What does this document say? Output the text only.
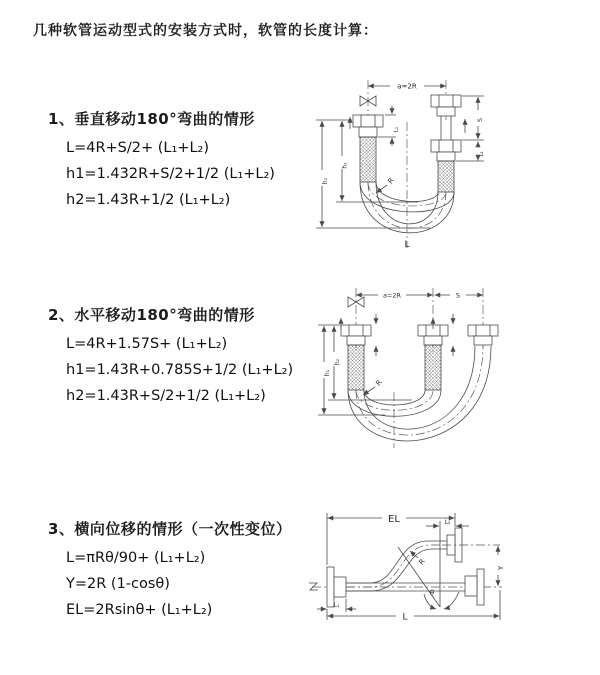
几种软管运动型式的安装方式时，软管的长度计算：
1、垂直移动180°弯曲的情形
L=4R+S/2+ (L₁+L₂)
h1=1.432R+S/2+1/2 (L₁+L₂)
h2=1.43R+1/2 (L₁+L₂)
2、水平移动180°弯曲的情形
L=4R+1.57S+ (L₁+L₂)
h1=1.43R+0.785S+1/2 (L₁+L₂)
h2=1.43R+S/2+1/2 (L₁+L₂)
3、横向位移的情形（一次性变位）
L=πRθ/90+ (L₁+L₂)
Y=2R (1-cosθ)
EL=2Rsinθ+ (L₁+L₂)
a=2R
S
L₂
L₁
h₁
h₂
R
L
a=2R	S
h₁
h₂
R
EL	L₂
Y
R
θ
L₁
L
